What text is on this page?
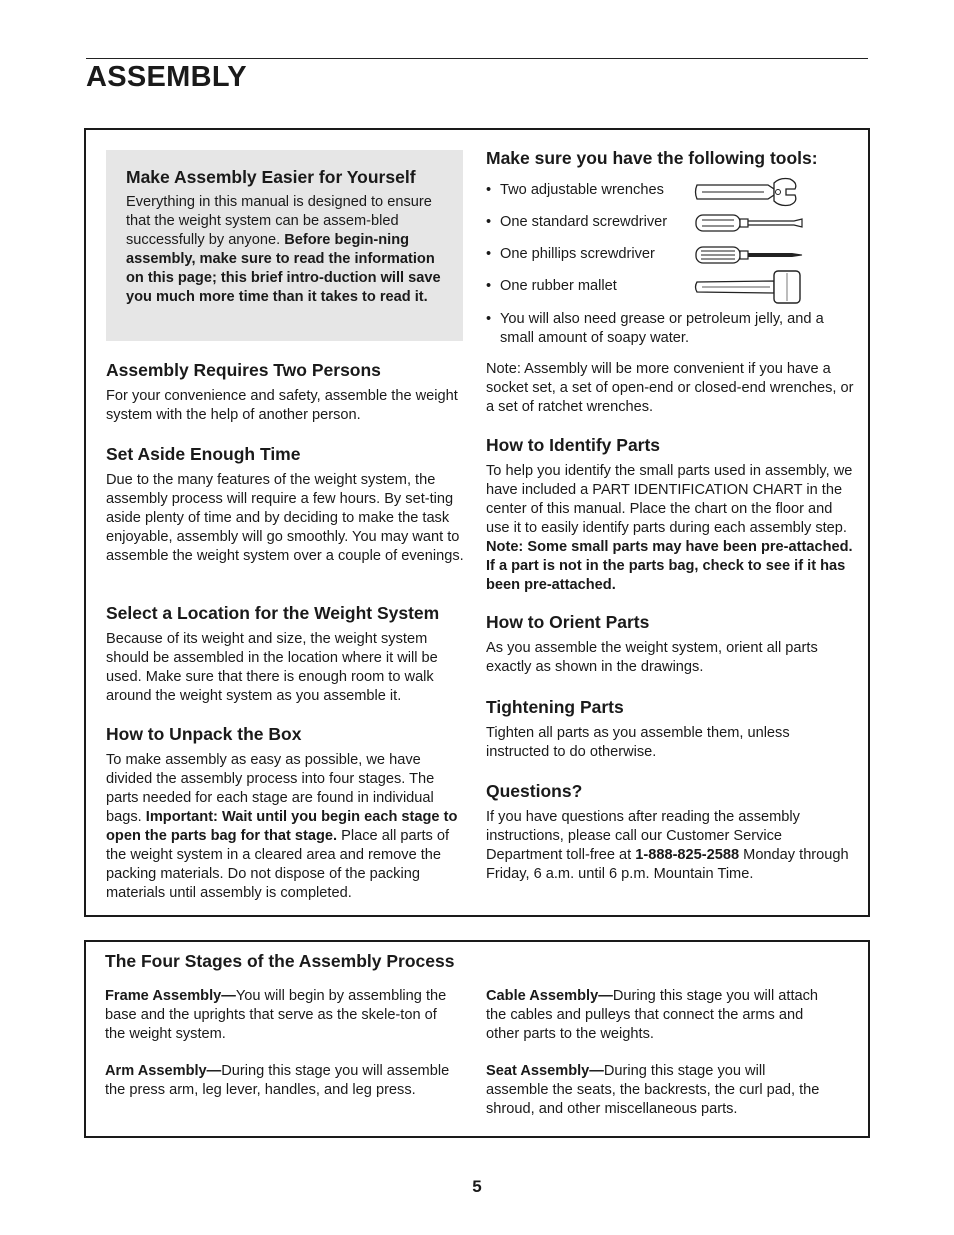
ASSEMBLY
Make Assembly Easier for Yourself

Everything in this manual is designed to ensure that the weight system can be assem-bled successfully by anyone. Before begin-ning assembly, make sure to read the information on this page; this brief intro-duction will save you much more time than it takes to read it.

Assembly Requires Two Persons

For your convenience and safety, assemble the weight system with the help of another person.

Set Aside Enough Time

Due to the many features of the weight system, the assembly process will require a few hours. By set-ting aside plenty of time and by deciding to make the task enjoyable, assembly will go smoothly. You may want to assemble the weight system over a couple of evenings.

Select a Location for the Weight System

Because of its weight and size, the weight system should be assembled in the location where it will be used. Make sure that there is enough room to walk around the weight system as you assemble it.

How to Unpack the Box

To make assembly as easy as possible, we have divided the assembly process into four stages. The parts needed for each stage are found in individual bags. Important: Wait until you begin each stage to open the parts bag for that stage. Place all parts of the weight system in a cleared area and remove the packing materials. Do not dispose of the packing materials until assembly is completed.

Make sure you have the following tools:
• Two adjustable wrenches
• One standard screwdriver
• One phillips screwdriver
• One rubber mallet
• You will also need grease or petroleum jelly, and a small amount of soapy water.

Note: Assembly will be more convenient if you have a socket set, a set of open-end or closed-end wrenches, or a set of ratchet wrenches.

How to Identify Parts

To help you identify the small parts used in assembly, we have included a PART IDENTIFICATION CHART in the center of this manual. Place the chart on the floor and use it to easily identify parts during each assembly step. Note: Some small parts may have been pre-attached. If a part is not in the parts bag, check to see if it has been pre-attached.

How to Orient Parts

As you assemble the weight system, orient all parts exactly as shown in the drawings.

Tightening Parts

Tighten all parts as you assemble them, unless instructed to do otherwise.

Questions?

If you have questions after reading the assembly instructions, please call our Customer Service Department toll-free at 1-888-825-2588 Monday through Friday, 6 a.m. until 6 p.m. Mountain Time.

The Four Stages of the Assembly Process

Frame Assembly—You will begin by assembling the base and the uprights that serve as the skele-ton of the weight system.

Arm Assembly—During this stage you will assemble the press arm, leg lever, handles, and leg press.

Cable Assembly—During this stage you will attach the cables and pulleys that connect the arms and other parts to the weights.

Seat Assembly—During this stage you will assemble the seats, the backrests, the curl pad, the shroud, and other miscellaneous parts.

5
